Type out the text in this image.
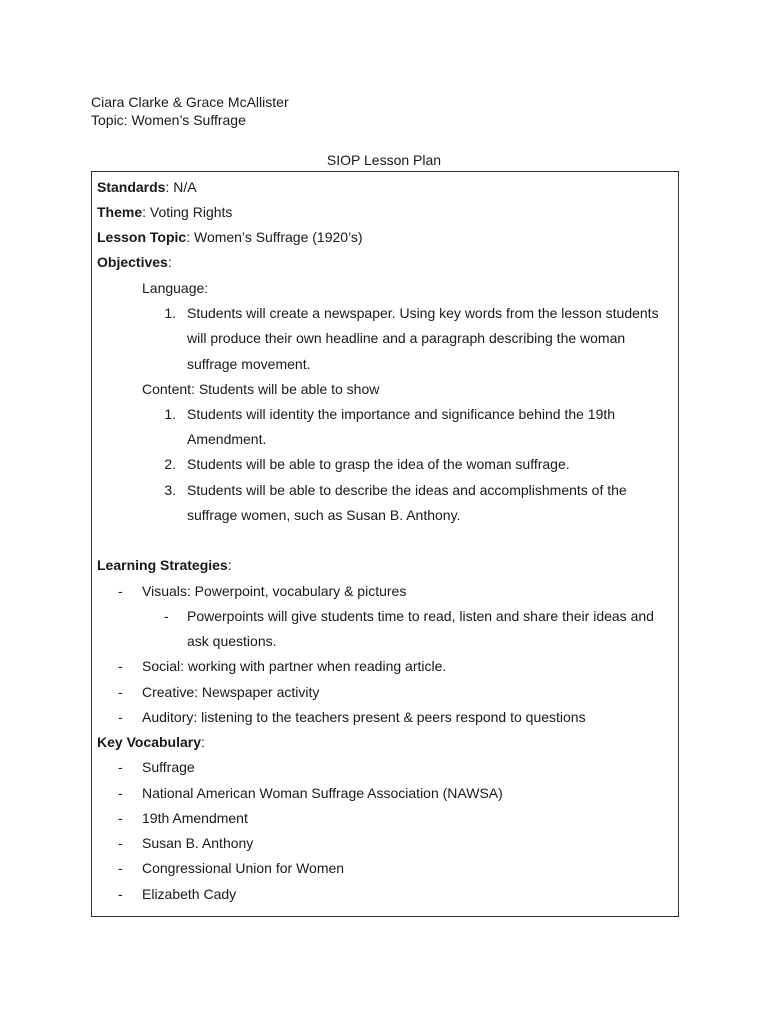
Ciara Clarke & Grace McAllister
Topic: Women’s Suffrage
SIOP Lesson Plan
Standards: N/A
Theme: Voting Rights
Lesson Topic: Women’s Suffrage (1920’s)
Objectives:
Language:
1. Students will create a newspaper. Using key words from the lesson students
will produce their own headline and a paragraph describing the woman
suffrage movement.
Content: Students will be able to show
1. Students will identity the importance and significance behind the 19th
Amendment.
2. Students will be able to grasp the idea of the woman suffrage.
3. Students will be able to describe the ideas and accomplishments of the
suffrage women, such as Susan B. Anthony.
Learning Strategies:
- Visuals: Powerpoint, vocabulary & pictures
- Powerpoints will give students time to read, listen and share their ideas and
ask questions.
- Social: working with partner when reading article.
- Creative: Newspaper activity
- Auditory: listening to the teachers present & peers respond to questions
Key Vocabulary:
- Suffrage
- National American Woman Suffrage Association (NAWSA)
- 19th Amendment
- Susan B. Anthony
- Congressional Union for Women
- Elizabeth Cady
